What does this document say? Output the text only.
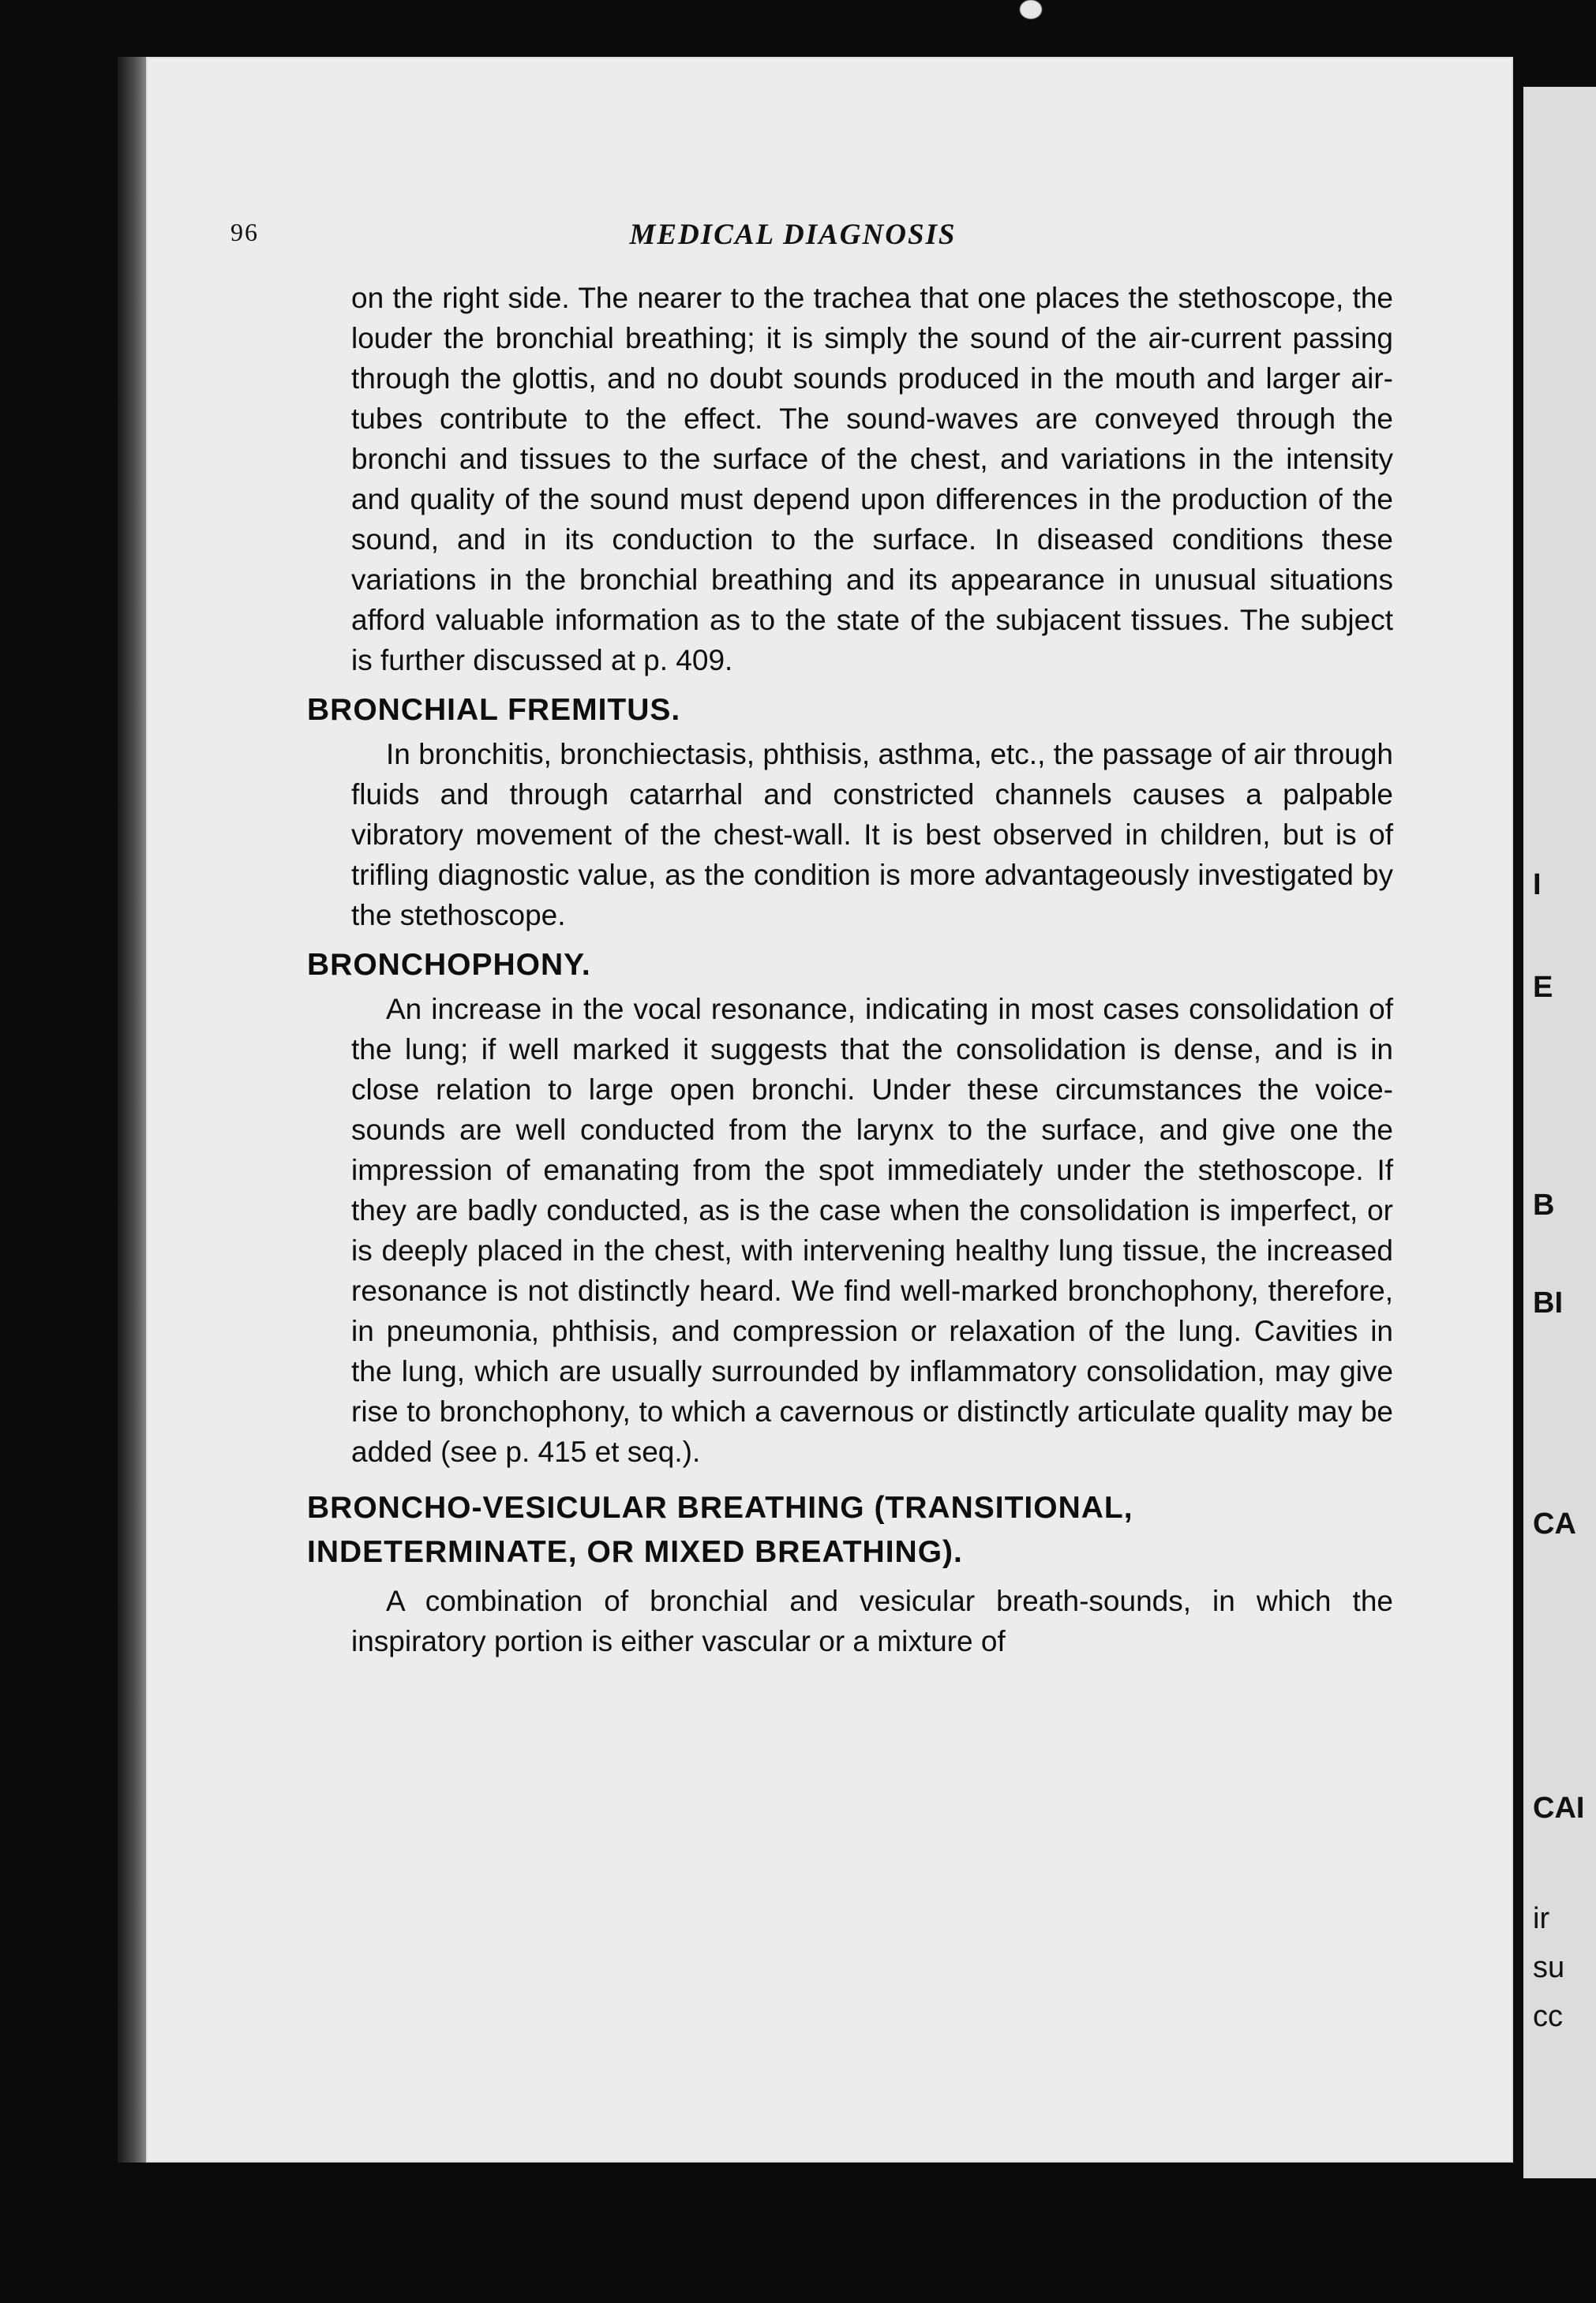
96	MEDICAL DIAGNOSIS

on the right side. The nearer to the trachea that one places the stethoscope, the louder the bronchial breathing; it is simply the sound of the air-current passing through the glottis, and no doubt sounds produced in the mouth and larger air-tubes contribute to the effect. The sound-waves are conveyed through the bronchi and tissues to the surface of the chest, and variations in the intensity and quality of the sound must depend upon differences in the production of the sound, and in its conduction to the surface. In diseased conditions these variations in the bronchial breathing and its appearance in unusual situations afford valuable information as to the state of the subjacent tissues. The subject is further discussed at p. 409.

BRONCHIAL FREMITUS.

In bronchitis, bronchiectasis, phthisis, asthma, etc., the passage of air through fluids and through catarrhal and constricted channels causes a palpable vibratory movement of the chest-wall. It is best observed in children, but is of trifling diagnostic value, as the condition is more advantageously investigated by the stethoscope.

BRONCHOPHONY.

An increase in the vocal resonance, indicating in most cases consolidation of the lung; if well marked it suggests that the consolidation is dense, and is in close relation to large open bronchi. Under these circumstances the voice-sounds are well conducted from the larynx to the surface, and give one the impression of emanating from the spot immediately under the stethoscope. If they are badly conducted, as is the case when the consolidation is imperfect, or is deeply placed in the chest, with intervening healthy lung tissue, the increased resonance is not distinctly heard. We find well-marked bronchophony, therefore, in pneumonia, phthisis, and compression or relaxation of the lung. Cavities in the lung, which are usually surrounded by inflammatory consolidation, may give rise to bronchophony, to which a cavernous or distinctly articulate quality may be added (see p. 415 et seq.).

BRONCHO-VESICULAR BREATHING (TRANSITIONAL, INDETERMINATE, OR MIXED BREATHING).

A combination of bronchial and vesicular breath-sounds, in which the inspiratory portion is either vascular or a mixture of

I
E
B
BI
CA
CAI
ir
su
cc
